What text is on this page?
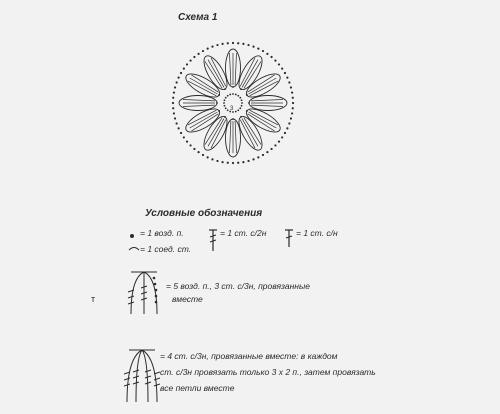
Схема 1
3
Условные обозначения
= 1 возд. п.
= 1 соед. ст.
= 1 ст. с/2н	= 1 ст. с/н
= 5 возд. п., 3 ст. с/3н, провязанные
вместе
т
= 4 ст. с/3н, провязанные вместе: в каждом
ст. с/3н провязать только 3 х 2 п., затем провязать
все петли вместе
